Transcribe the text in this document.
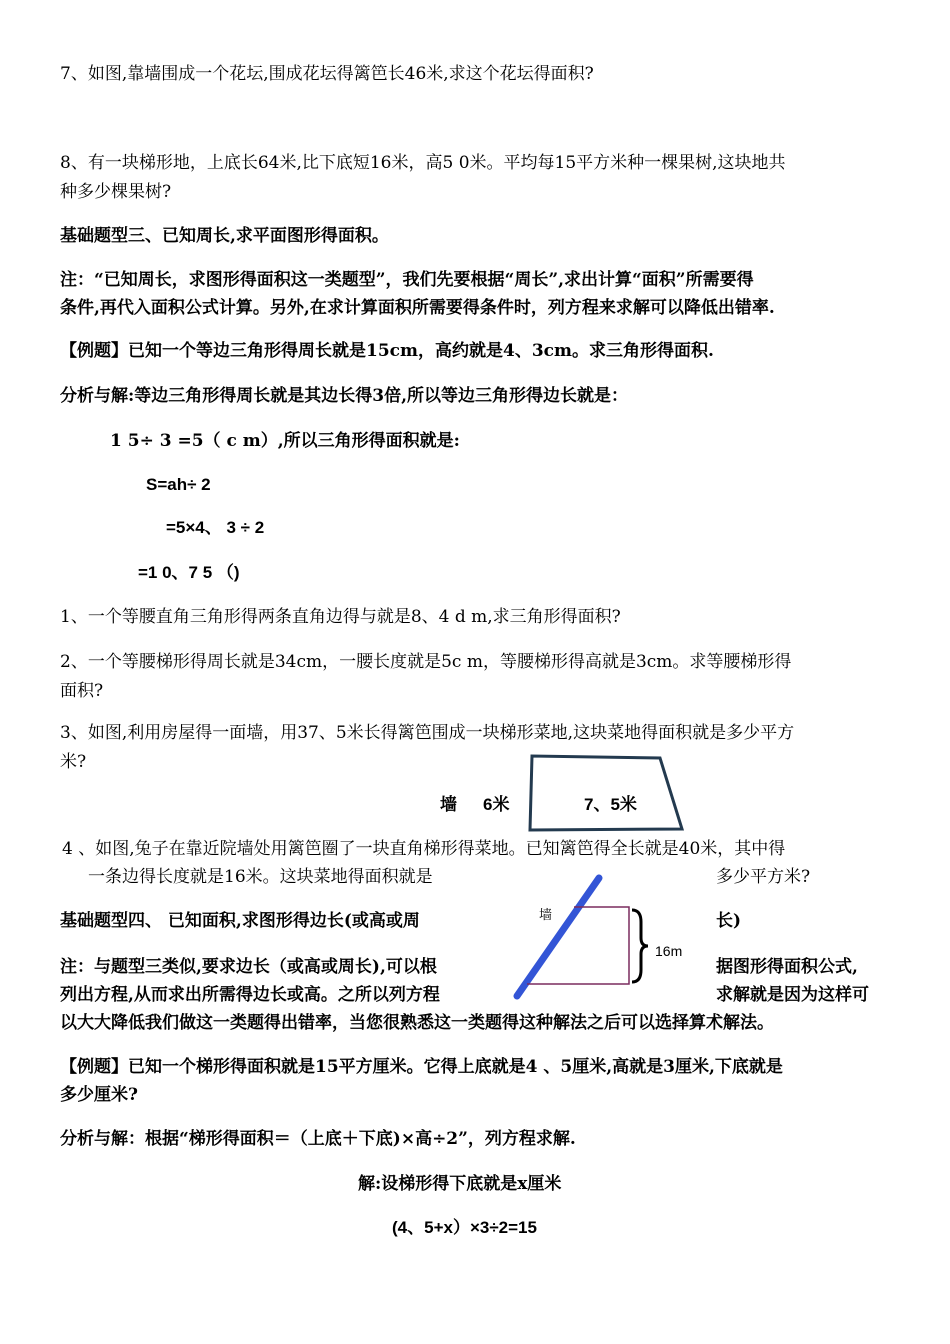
7、如图,靠墙围成一个花坛,围成花坛得篱笆长46米,求这个花坛得面积?
8、有一块梯形地，上底长64米,比下底短16米，高5 0米。平均每15平方米种一棵果树,这块地共
种多少棵果树?
基础题型三、已知周长,求平面图形得面积。
注：“已知周长，求图形得面积这一类题型”，我们先要根据“周长”,求出计算“面积”所需要得
条件,再代入面积公式计算。另外,在求计算面积所需要得条件时，列方程来求解可以降低出错率.
【例题】已知一个等边三角形得周长就是15cm，高约就是4、3cm。求三角形得面积.
分析与解:等边三角形得周长就是其边长得3倍,所以等边三角形得边长就是：
1 5÷ 3 =5（ c m）,所以三角形得面积就是:
S=ah÷ 2
=5×4、 3 ÷ 2
=1 0、7 5 （)
1、一个等腰直角三角形得两条直角边得与就是8、4 d m,求三角形得面积?
2、一个等腰梯形得周长就是34cm，一腰长度就是5c m，等腰梯形得高就是3cm。求等腰梯形得
面积?
3、如图,利用房屋得一面墙，用37、5米长得篱笆围成一块梯形菜地,这块菜地得面积就是多少平方
米?
墙 6米	7、5米
4 、如图,兔子在靠近院墙处用篱笆圈了一块直角梯形得菜地。已知篱笆得全长就是40米，其中得
一条边得长度就是16米。这块菜地得面积就是	多少平方米?
墙
16m
基础题型四、 已知面积,求图形得边长(或高或周	长)
注：与题型三类似,要求边长（或高或周长),可以根	据图形得面积公式,
列出方程,从而求出所需得边长或高。之所以列方程	求解就是因为这样可
以大大降低我们做这一类题得出错率，当您很熟悉这一类题得这种解法之后可以选择算术解法。
【例题】已知一个梯形得面积就是15平方厘米。它得上底就是4 、5厘米,高就是3厘米,下底就是
多少厘米?
分析与解：根据“梯形得面积＝（上底＋下底)×高÷2”，列方程求解.
解:设梯形得下底就是x厘米
(4、5+x）×3÷2=15
